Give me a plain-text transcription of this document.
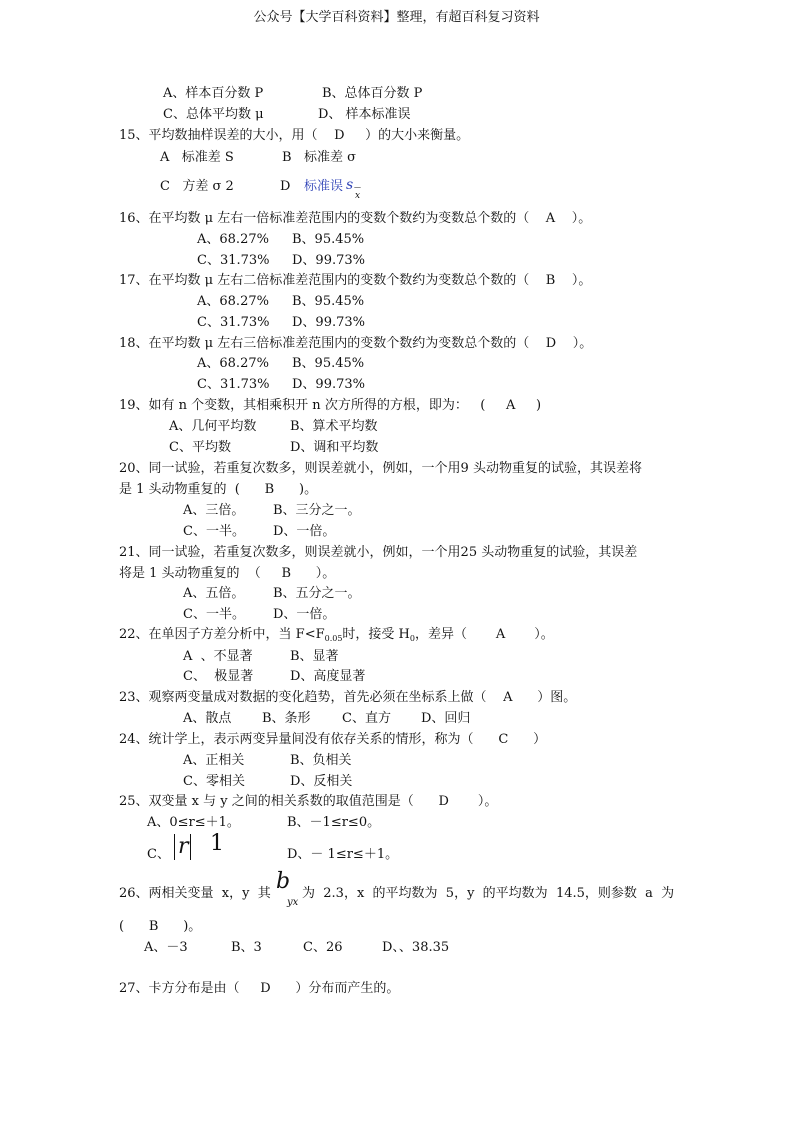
公众号【大学百科资料】整理，有超百科复习资料
A、样本百分数 P	B、总体百分数 P
C、总体平均数 μ	D、 样本标准误
15、平均数抽样误差的大小，用（    D     ）的大小来衡量。
A   标准差 S	B   标准差 σ
C   方差 σ 2	D 标准误 s
x
—
16、在平均数 μ 左右一倍标准差范围内的变数个数约为变数总个数的（    A    ）。
A、68.27% B、95.45%
C、31.73% D、99.73%
17、在平均数 μ 左右二倍标准差范围内的变数个数约为变数总个数的（    B    ）。
A、68.27% B、95.45%
C、31.73% D、99.73%
18、在平均数 μ 左右三倍标准差范围内的变数个数约为变数总个数的（    D    ）。
A、68.27% B、95.45%
C、31.73% D、99.73%
19、如有 n 个变数，其相乘积开 n 次方所得的方根，即为：   (     A     )
A、几何平均数	B、算术平均数
C、平均数	D、调和平均数
20、同一试验，若重复次数多，则误差就小，例如，一个用9 头动物重复的试验，其误差将
是 1 头动物重复的  (      B      )。
A、三倍。 B、三分之一。
C、一半。 D、一倍。
21、同一试验，若重复次数多，则误差就小，例如，一个用25 头动物重复的试验，其误差
将是 1 头动物重复的  （     B      ）。
A、五倍。 B、五分之一。
C、一半。 D、一倍。
22、在单因子方差分析中，当 $F<F_{0.05}$时，接受 $H_0$，差异（       A       ）。
A  、不显著	B、显著
C、  极显著	D、高度显著
23、观察两变量成对数据的变化趋势，首先必须在坐标系上做（    A      ）图。
A、散点 B、条形 C、直方 D、回归
24、统计学上，表示两变异量间没有依存关系的情形，称为（      C      ）
A、正相关	B、负相关
C、零相关	D、反相关
25、双变量 x 与 y 之间的相关系数的取值范围是（      D       ）。
A、0≤r≤＋1。	B、－1≤r≤0。
C、 r 1	D、－ 1≤r≤＋1。
26、两相关变量  x，y  其 b
yx
为  2.3，x  的平均数为  5，y  的平均数为  14.5，则参数  a  为
(      B      )。
A、－3	B、3	C、26	D、、38.35
27、卡方分布是由（     D      ）分布而产生的。
